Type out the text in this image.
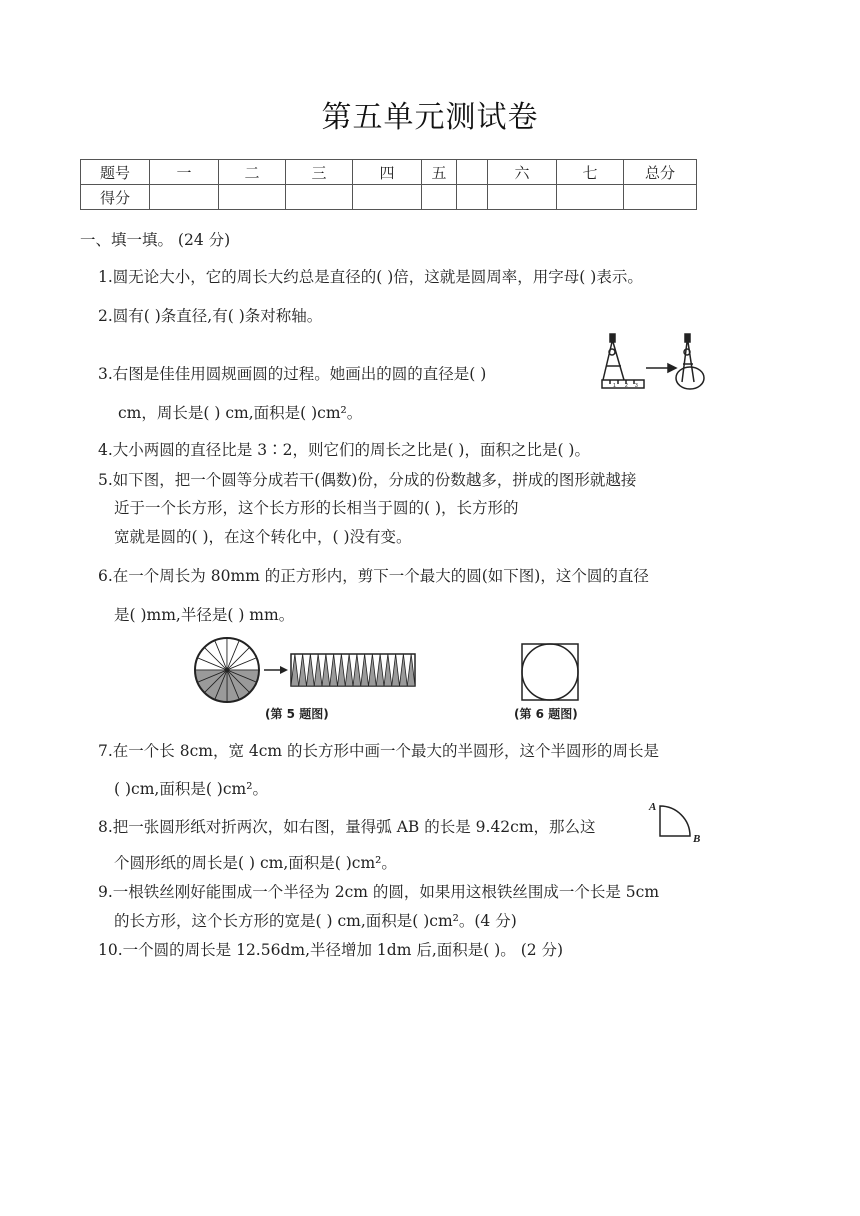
第五单元测试卷
题号	一	二	三	四	五		六	七	总分
得分									
一、填一填。 (24 分)
1.圆无论大小，它的周长大约总是直径的( )倍，这就是圆周率，用字母( )表示。
2.圆有( )条直径,有( )条对称轴。
3.右图是佳佳用圆规画圆的过程。她画出的圆的直径是( )
cm，周长是( ) cm,面积是( )cm²。
1 2 3
4.大小两圆的直径比是 3∶2，则它们的周长之比是( )，面积之比是( )。
5.如下图，把一个圆等分成若干(偶数)份，分成的份数越多，拼成的图形就越接
近于一个长方形，这个长方形的长相当于圆的( )，长方形的
宽就是圆的( )，在这个转化中，( )没有变。
6.在一个周长为 80mm 的正方形内，剪下一个最大的圆(如下图)，这个圆的直径
是( )mm,半径是( ) mm。
(第 5 题图)	(第 6 题图)
7.在一个长 8cm，宽 4cm 的长方形中画一个最大的半圆形，这个半圆形的周长是
( )cm,面积是( )cm²。
8.把一张圆形纸对折两次，如右图，量得弧 AB 的长是 9.42cm，那么这
个圆形纸的周长是( ) cm,面积是( )cm²。
A
B
9.一根铁丝刚好能围成一个半径为 2cm 的圆，如果用这根铁丝围成一个长是 5cm
的长方形，这个长方形的宽是( ) cm,面积是( )cm²。(4 分)
10.一个圆的周长是 12.56dm,半径增加 1dm 后,面积是( )。 (2 分)
